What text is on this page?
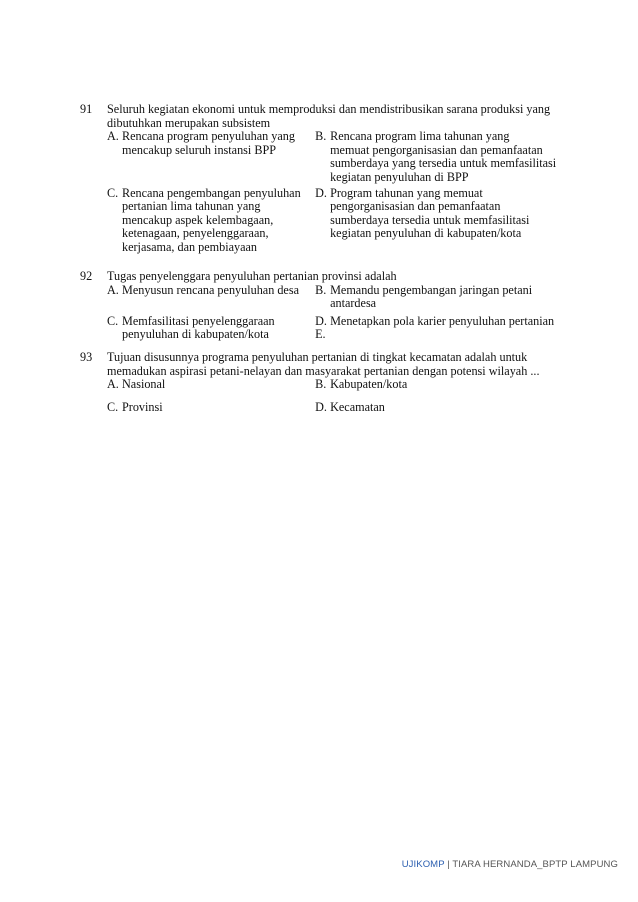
91 Seluruh kegiatan ekonomi untuk memproduksi dan mendistribusikan sarana produksi yang
dibutuhkan merupakan subsistem
A. Rencana program penyuluhan yang
mencakup seluruh instansi BPP
B. Rencana program lima tahunan yang
memuat pengorganisasian dan pemanfaatan
sumberdaya yang tersedia untuk memfasilitasi
kegiatan penyuluhan di BPP
C. Rencana pengembangan penyuluhan
pertanian lima tahunan yang
mencakup aspek kelembagaan,
ketenagaan, penyelenggaraan,
kerjasama, dan pembiayaan
D. Program tahunan yang memuat
pengorganisasian dan pemanfaatan
sumberdaya tersedia untuk memfasilitasi
kegiatan penyuluhan di kabupaten/kota
92 Tugas penyelenggara penyuluhan pertanian provinsi adalah
A. Menyusun rencana penyuluhan desa	B. Memandu pengembangan jaringan petani
antardesa
C. Memfasilitasi penyelenggaraan
penyuluhan di kabupaten/kota
D. Menetapkan pola karier penyuluhan pertanian
E.
93 Tujuan disusunnya programa penyuluhan pertanian di tingkat kecamatan adalah untuk
memadukan aspirasi petani-nelayan dan masyarakat pertanian dengan potensi wilayah ...
A. Nasional	B. Kabupaten/kota
C. Provinsi	D. Kecamatan
UJIKOMP | TIARA HERNANDA_BPTP LAMPUNG
